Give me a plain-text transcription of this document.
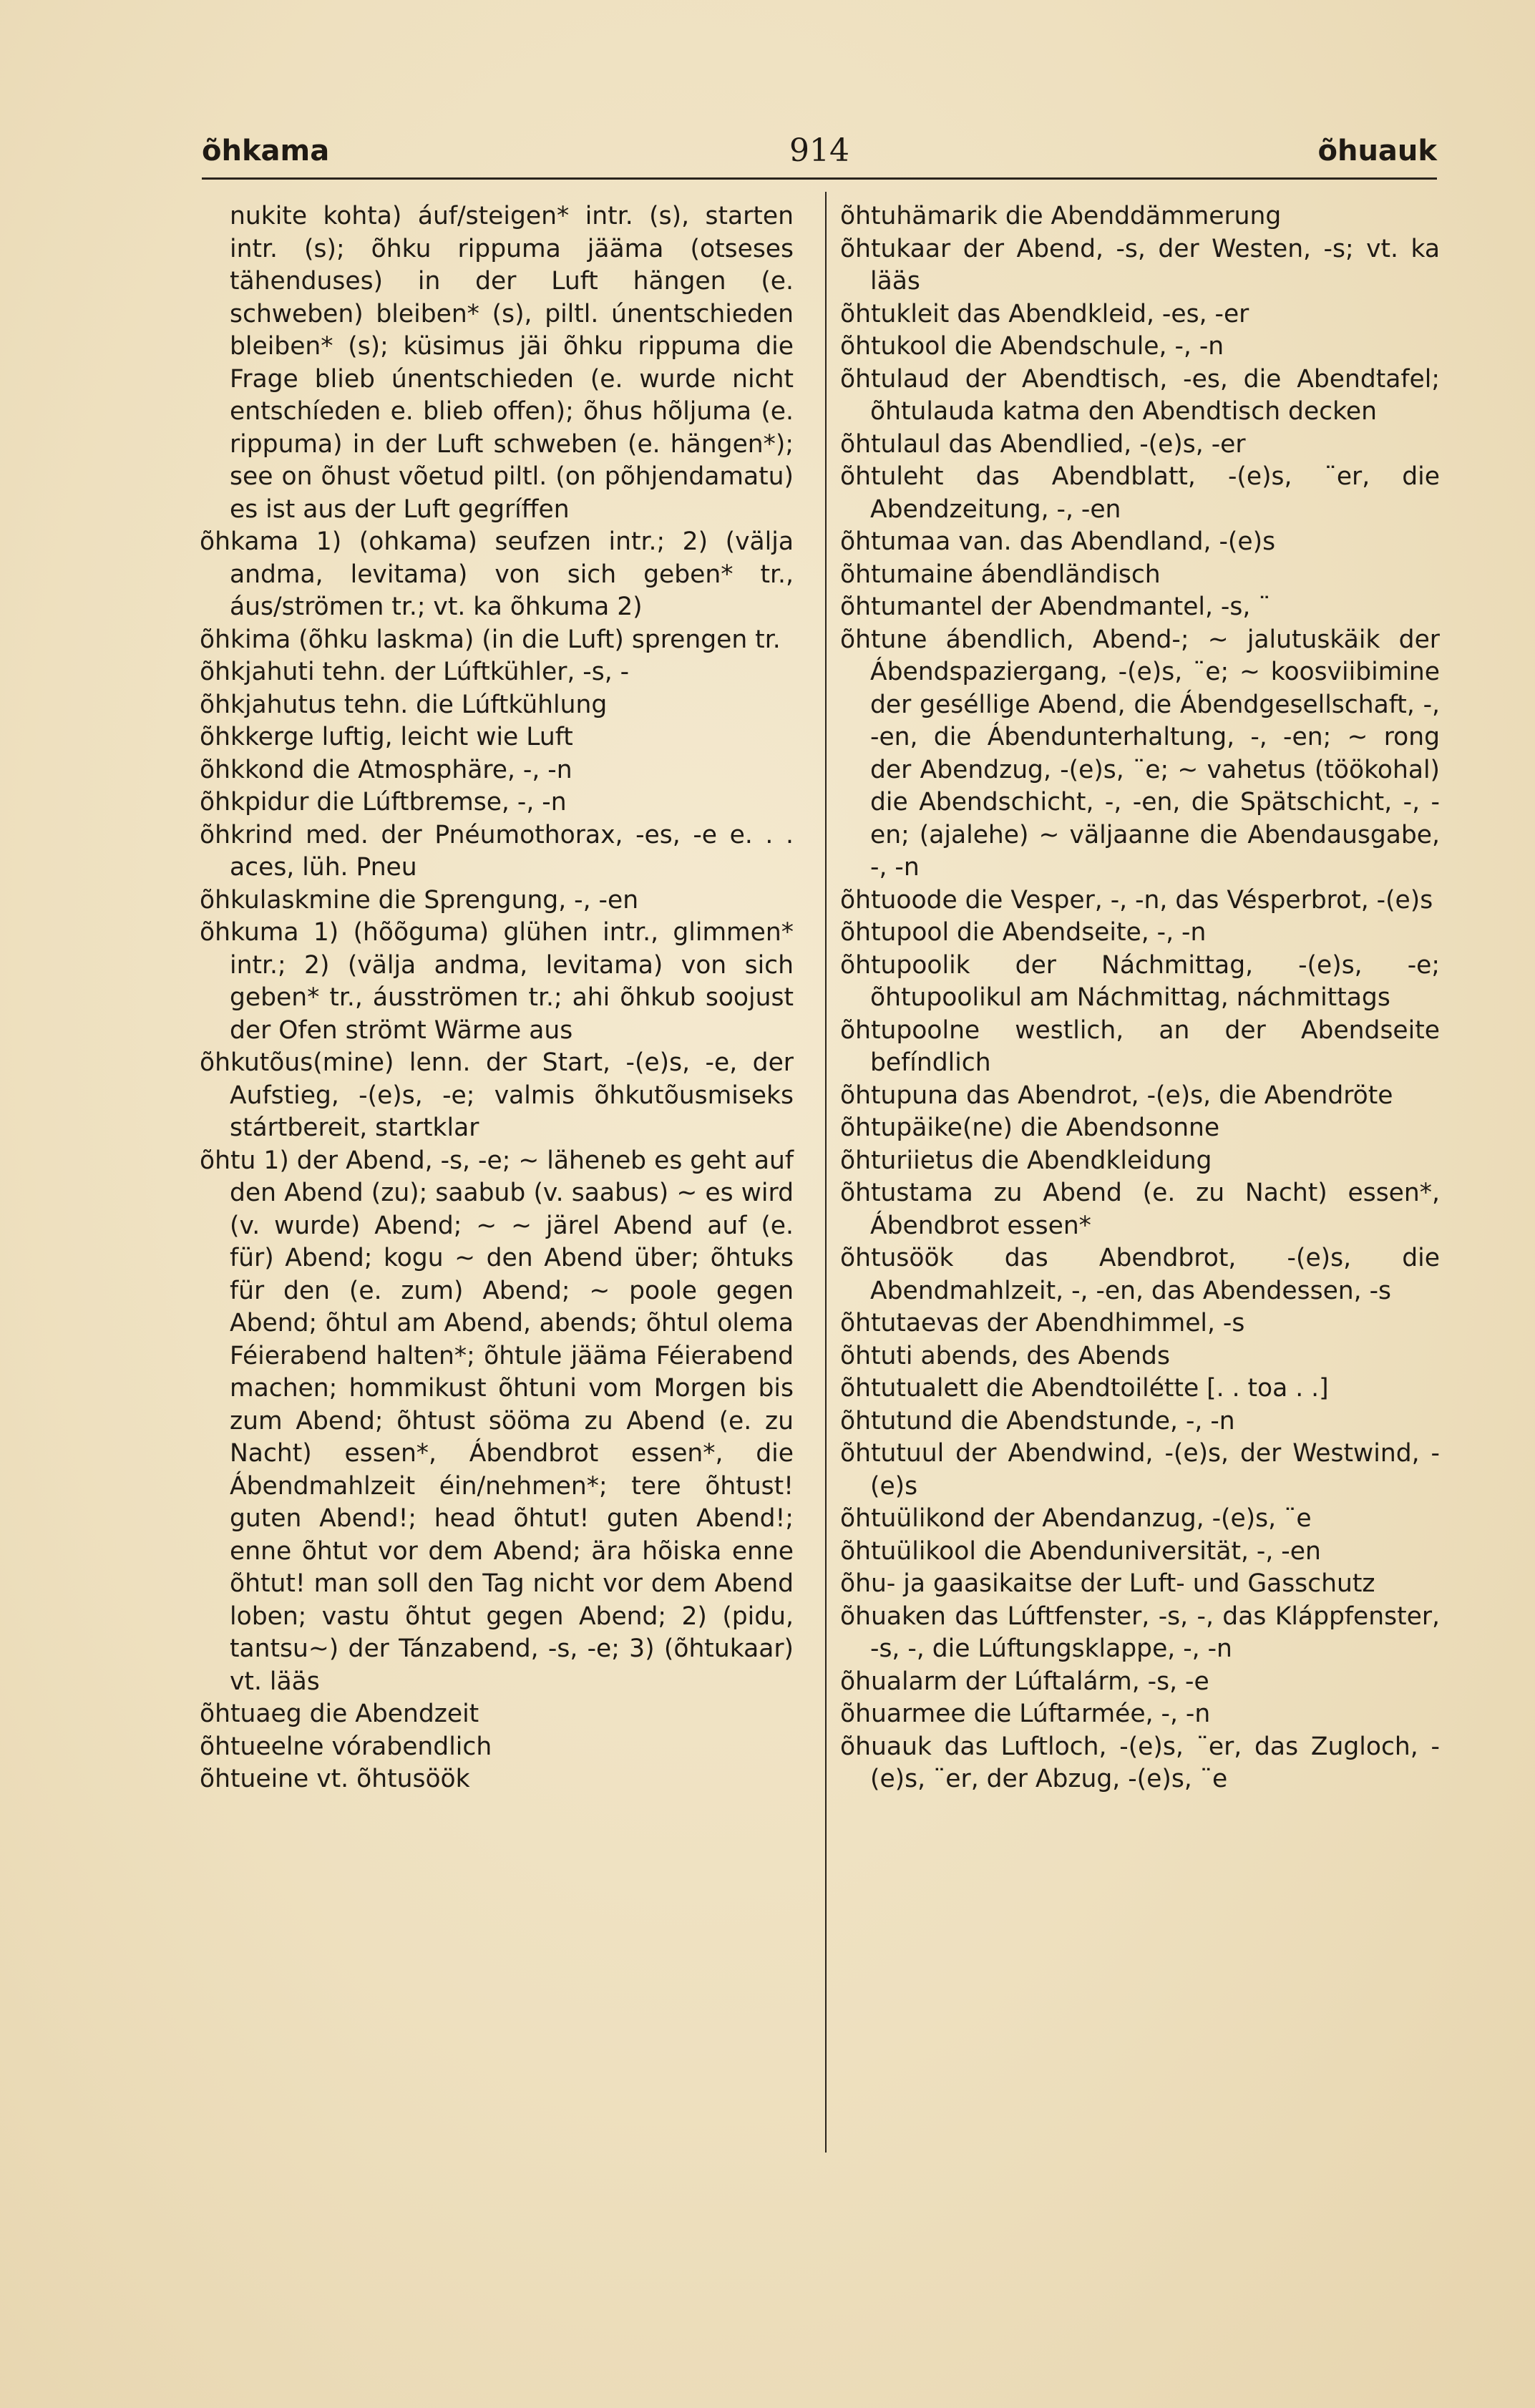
õhkama	914	õhuauk
nukite kohta) áuf/steigen* intr. (s), starten intr. (s); õhku rippuma jääma (otseses tähenduses) in der Luft hängen (e. schweben) bleiben* (s), piltl. únentschieden bleiben* (s); küsimus jäi õhku rippuma die Frage blieb únentschieden (e. wurde nicht entschíeden e. blieb offen); õhus hõljuma (e. rippuma) in der Luft schweben (e. hängen*); see on õhust võetud piltl. (on põhjendamatu) es ist aus der Luft gegríffen
õhkama 1) (ohkama) seufzen intr.; 2) (välja andma, levitama) von sich geben* tr., áus/strömen tr.; vt. ka õhkuma 2)
õhkima (õhku laskma) (in die Luft) sprengen tr.
õhkjahuti tehn. der Lúftkühler, -s, -
õhkjahutus tehn. die Lúftkühlung
õhkkerge luftig, leicht wie Luft
õhkkond die Atmosphäre, -, -n
õhkpidur die Lúftbremse, -, -n
õhkrind med. der Pnéumothorax, -es, -e e. . . aces, lüh. Pneu
õhkulaskmine die Sprengung, -, -en
õhkuma 1) (hõõguma) glühen intr., glimmen* intr.; 2) (välja andma, levitama) von sich geben* tr., áusströmen tr.; ahi õhkub soojust der Ofen strömt Wärme aus
õhkutõus(mine) lenn. der Start, -(e)s, -e, der Aufstieg, -(e)s, -e; valmis õhkutõusmiseks stártbereit, startklar
õhtu 1) der Abend, -s, -e; ~ läheneb es geht auf den Abend (zu); saabub (v. saabus) ~ es wird (v. wurde) Abend; ~ ~ järel Abend auf (e. für) Abend; kogu ~ den Abend über; õhtuks für den (e. zum) Abend; ~ poole gegen Abend; õhtul am Abend, abends; õhtul olema Féierabend halten*; õhtule jääma Féierabend machen; hommikust õhtuni vom Morgen bis zum Abend; õhtust sööma zu Abend (e. zu Nacht) essen*, Ábendbrot essen*, die Ábendmahlzeit éin/nehmen*; tere õhtust! guten Abend!; head õhtut! guten Abend!; enne õhtut vor dem Abend; ära hõiska enne õhtut! man soll den Tag nicht vor dem Abend loben; vastu õhtut gegen Abend; 2) (pidu, tantsu~) der Tánzabend, -s, -e; 3) (õhtukaar) vt. lääs
õhtuaeg die Abendzeit
õhtueelne vórabendlich
õhtueine vt. õhtusöök
õhtuhämarik die Abenddämmerung
õhtukaar der Abend, -s, der Westen, -s; vt. ka lääs
õhtukleit das Abendkleid, -es, -er
õhtukool die Abendschule, -, -n
õhtulaud der Abendtisch, -es, die Abendtafel; õhtulauda katma den Abendtisch decken
õhtulaul das Abendlied, -(e)s, -er
õhtuleht das Abendblatt, -(e)s, ¨er, die Abendzeitung, -, -en
õhtumaa van. das Abendland, -(e)s
õhtumaine ábendländisch
õhtumantel der Abendmantel, -s, ¨
õhtune ábendlich, Abend-; ~ jalutuskäik der Ábendspaziergang, -(e)s, ¨e; ~ koosviibimine der geséllige Abend, die Ábendgesellschaft, -, -en, die Ábendunterhaltung, -, -en; ~ rong der Abendzug, -(e)s, ¨e; ~ vahetus (töökohal) die Abendschicht, -, -en, die Spätschicht, -, -en; (ajalehe) ~ väljaanne die Abendausgabe, -, -n
õhtuoode die Vesper, -, -n, das Vésperbrot, -(e)s
õhtupool die Abendseite, -, -n
õhtupoolik der Náchmittag, -(e)s, -e; õhtupoolikul am Náchmittag, náchmittags
õhtupoolne westlich, an der Abendseite befíndlich
õhtupuna das Abendrot, -(e)s, die Abendröte
õhtupäike(ne) die Abendsonne
õhturiietus die Abendkleidung
õhtustama zu Abend (e. zu Nacht) essen*, Ábendbrot essen*
õhtusöök das Abendbrot, -(e)s, die Abendmahlzeit, -, -en, das Abendessen, -s
õhtutaevas der Abendhimmel, -s
õhtuti abends, des Abends
õhtutualett die Abendtoilétte [. . toa . .]
õhtutund die Abendstunde, -, -n
õhtutuul der Abendwind, -(e)s, der Westwind, -(e)s
õhtuülikond der Abendanzug, -(e)s, ¨e
õhtuülikool die Abenduniversität, -, -en
õhu- ja gaasikaitse der Luft- und Gasschutz
õhuaken das Lúftfenster, -s, -, das Kláppfenster, -s, -, die Lúftungsklappe, -, -n
õhualarm der Lúftalárm, -s, -e
õhuarmee die Lúftarmée, -, -n
õhuauk das Luftloch, -(e)s, ¨er, das Zugloch, -(e)s, ¨er, der Abzug, -(e)s, ¨e
